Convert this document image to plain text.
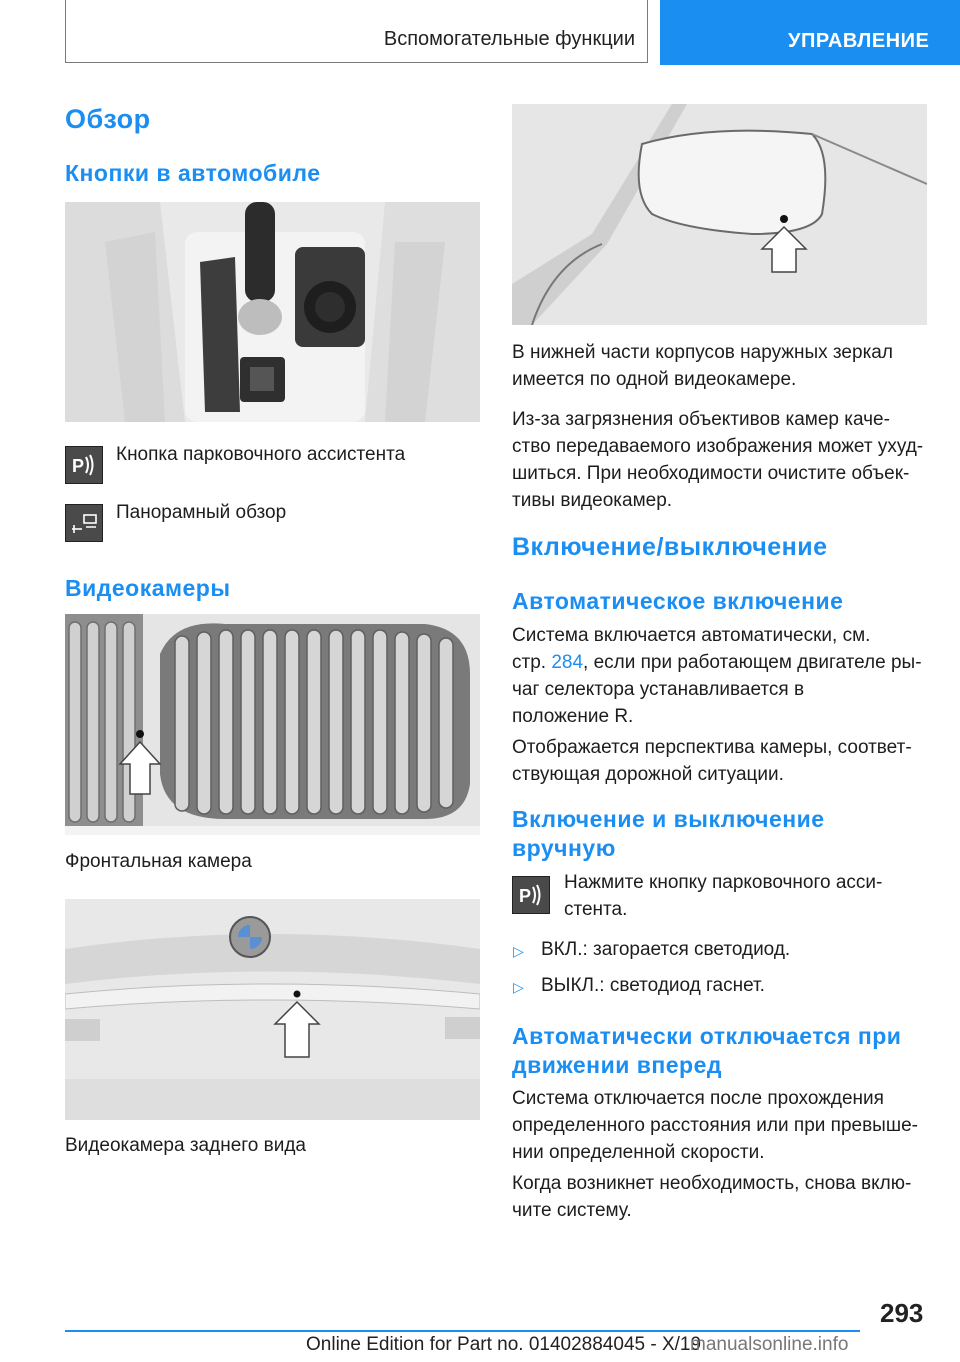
Вспомогательные функции	УПРАВЛЕНИЕ
Обзор
Кнопки в автомобиле
P
Кнопка парковочного ассистента
Панорамный обзор
Видеокамеры
Фронтальная камера
Видеокамера заднего вида
В нижней части корпусов наружных зеркал
имеется по одной видеокамере.
Из-за загрязнения объективов камер каче-
ство передаваемого изображения может ухуд-
шиться. При необходимости очистите объек-
тивы видеокамер.
Включение/выключение
Автоматическое включение
Система включается автоматически, см.
стр. 284, если при работающем двигателе ры-
чаг селектора устанавливается в
положение R.
Отображается перспектива камеры, соответ-
ствующая дорожной ситуации.
Включение и выключение
вручную
P
Нажмите кнопку парковочного асси-
стента.
▷ ВКЛ.: загорается светодиод.
▷ ВЫКЛ.: светодиод гаснет.
Автоматически отключается при
движении вперед
Система отключается после прохождения
определенного расстояния или при превыше-
нии определенной скорости.
Когда возникнет необходимость, снова вклю-
чите систему.
293
Online Edition for Part no. 01402884045 - X/19
manualsonline.info
